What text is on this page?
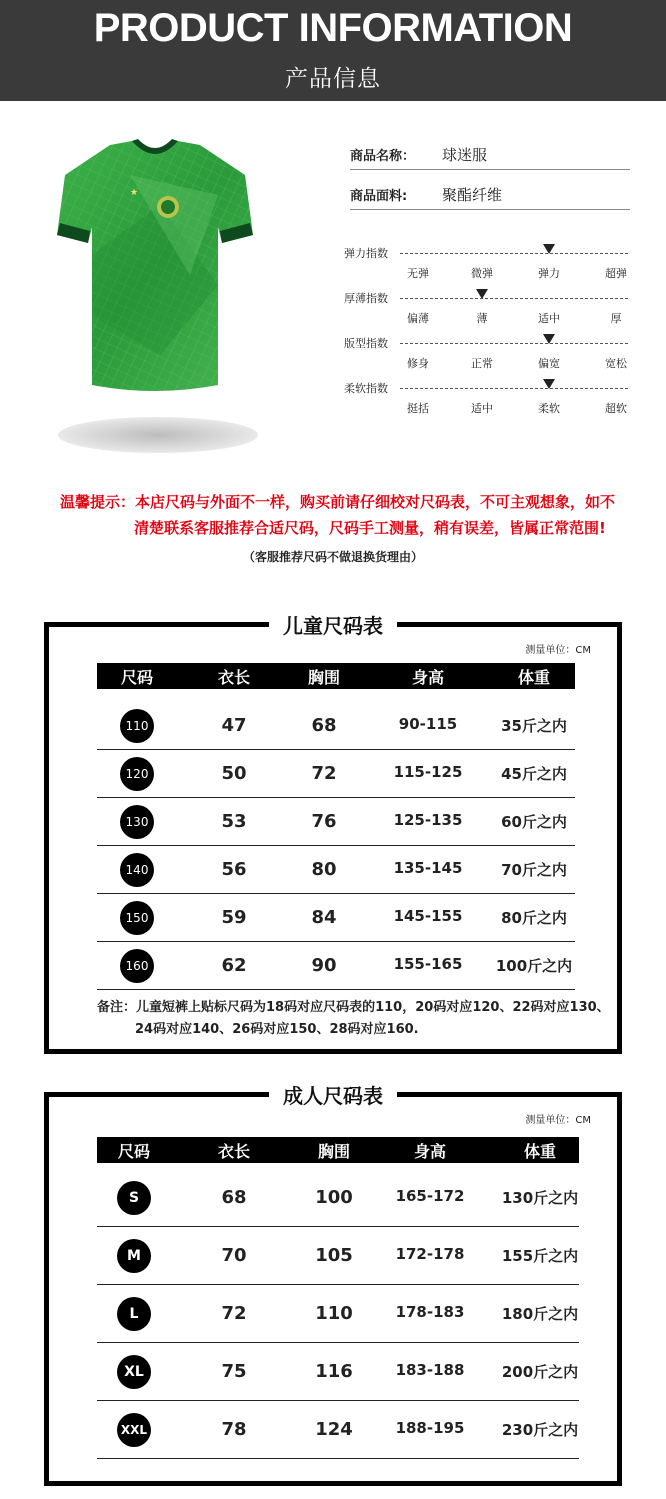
PRODUCT INFORMATION
产品信息
★
商品名称： 球迷服
商品面料: 聚酯纤维
弹力指数
无弹	微弹	弹力	超弹
厚薄指数
偏薄	薄	适中	厚
版型指数
修身	正常	偏宽	宽松
柔软指数
挺括	适中	柔软	超软
温馨提示：本店尺码与外面不一样，购买前请仔细校对尺码表，不可主观想象，如不
清楚联系客服推荐合适尺码，尺码手工测量，稍有误差，皆属正常范围!
（客服推荐尺码不做退换货理由）
儿童尺码表
测量单位：CM
尺码	衣长	胸围	身高	体重
110	47	68	90-115	35斤之内
120	50	72	115-125	45斤之内
130	53	76	125-135	60斤之内
140	56	80	135-145	70斤之内
150	59	84	145-155	80斤之内
160	62	90	155-165	100斤之内
备注：儿童短裤上贴标尺码为18码对应尺码表的110，20码对应120、22码对应130、
24码对应140、26码对应150、28码对应160.
成人尺码表
测量单位：CM
尺码	衣长	胸围	身高	体重
S	68	100	165-172	130斤之内
M	70	105	172-178	155斤之内
L	72	110	178-183	180斤之内
XL	75	116	183-188	200斤之内
XXL	78	124	188-195	230斤之内
